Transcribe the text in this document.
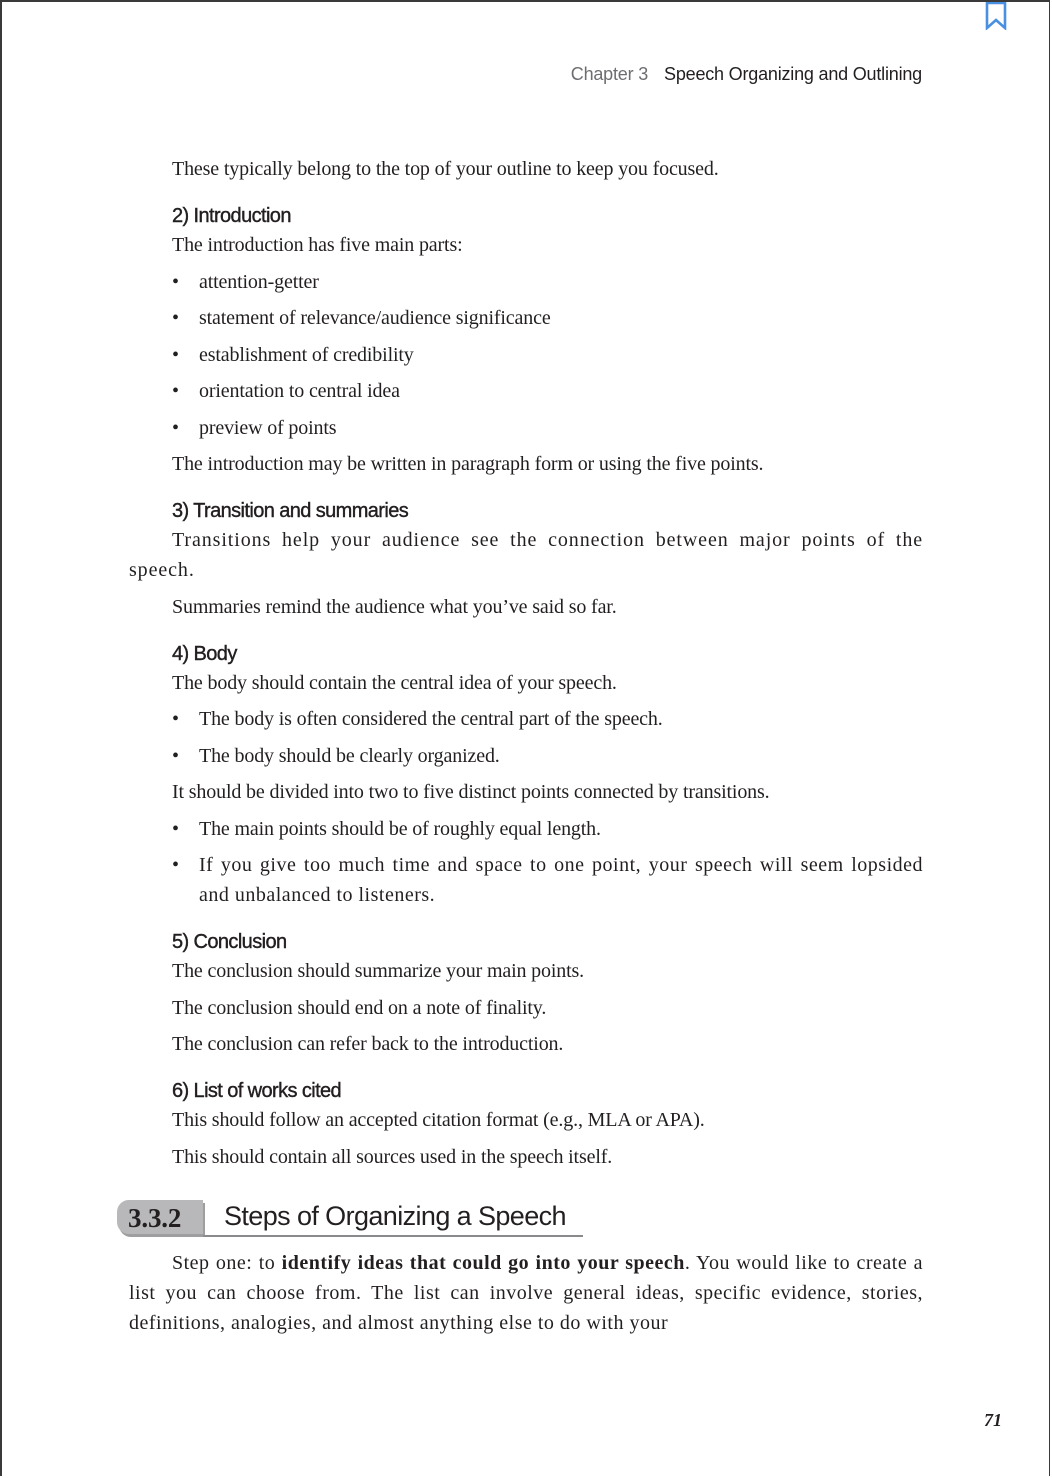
Chapter 3 Speech Organizing and Outlining

These typically belong to the top of your outline to keep you focused.

2) Introduction

The introduction has five main parts:

• attention-getter
• statement of relevance/audience significance
• establishment of credibility
• orientation to central idea
• preview of points

The introduction may be written in paragraph form or using the five points.

3) Transition and summaries

Transitions help your audience see the connection between major points of the speech.

Summaries remind the audience what you’ve said so far.

4) Body

The body should contain the central idea of your speech.

• The body is often considered the central part of the speech.
• The body should be clearly organized.

It should be divided into two to five distinct points connected by transitions.

• The main points should be of roughly equal length.
• If you give too much time and space to one point, your speech will seem lopsided and unbalanced to listeners.
5) Conclusion

The conclusion should summarize your main points.

The conclusion should end on a note of finality.

The conclusion can refer back to the introduction.

6) List of works cited

This should follow an accepted citation format (e.g., MLA or APA).

This should contain all sources used in the speech itself.

3.3.2	Steps of Organizing a Speech

Step one: to identify ideas that could go into your speech. You would like to create a list you can choose from. The list can involve general ideas, specific evidence, stories, definitions, analogies, and almost anything else to do with your

71
